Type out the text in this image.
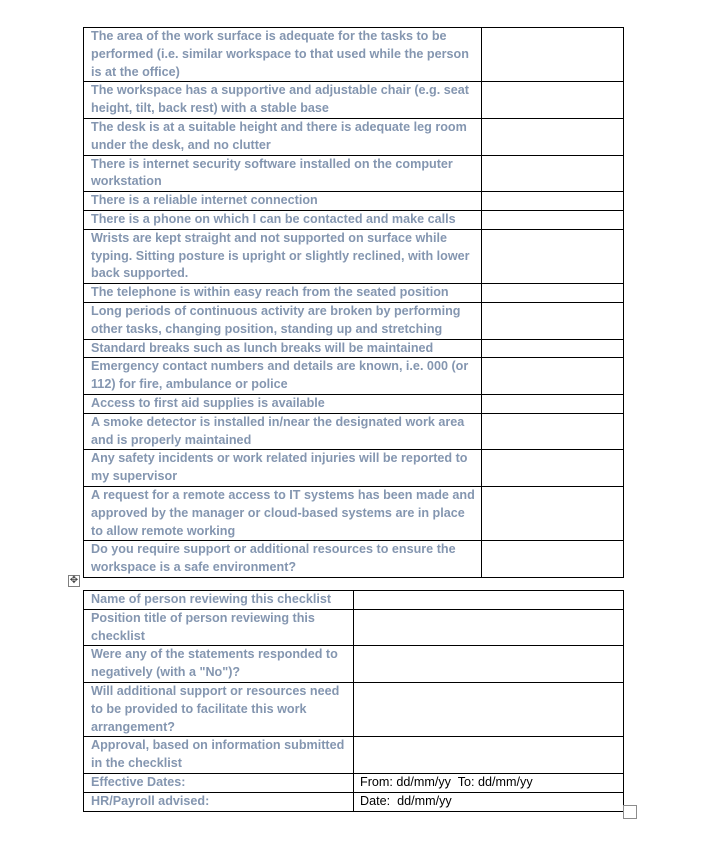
The area of the work surface is adequate for the tasks to be performed (i.e. similar workspace to that used while the person is at the office)	
The workspace has a supportive and adjustable chair (e.g. seat height, tilt, back rest) with a stable base	
The desk is at a suitable height and there is adequate leg room under the desk, and no clutter	
There is internet security software installed on the computer workstation	
There is a reliable internet connection	
There is a phone on which I can be contacted and make calls	
Wrists are kept straight and not supported on surface while typing. Sitting posture is upright or slightly reclined, with lower back supported.	
The telephone is within easy reach from the seated position	
Long periods of continuous activity are broken by performing other tasks, changing position, standing up and stretching	
Standard breaks such as lunch breaks will be maintained	
Emergency contact numbers and details are known, i.e. 000 (or 112) for fire, ambulance or police	
Access to first aid supplies is available	
A smoke detector is installed in/near the designated work area and is properly maintained	
Any safety incidents or work related injuries will be reported to my supervisor	
A request for a remote access to IT systems has been made and approved by the manager or cloud-based systems are in place to allow remote working	
Do you require support or additional resources to ensure the workspace is a safe environment?	
✥
Name of person reviewing this checklist	
Position title of person reviewing this checklist	
Were any of the statements responded to negatively (with a "No")?	
Will additional support or resources need to be provided to facilitate this work arrangement?	
Approval, based on information submitted in the checklist	
Effective Dates:	From: dd/mm/yy  To: dd/mm/yy
HR/Payroll advised:	Date:  dd/mm/yy
